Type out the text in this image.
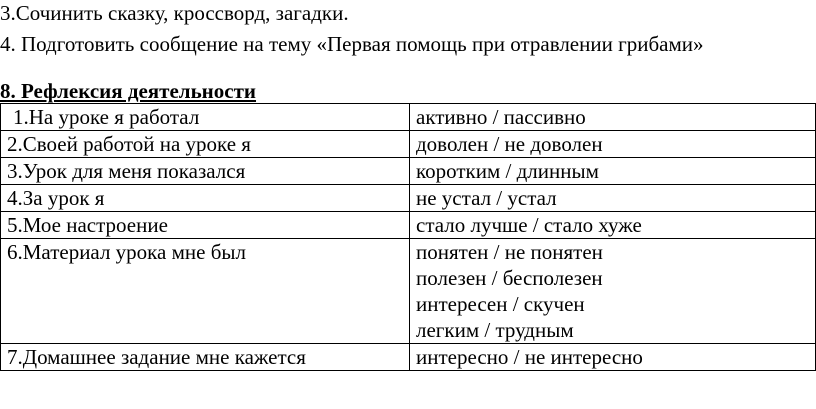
3.Сочинить сказку, кроссворд, загадки.
4. Подготовить сообщение на тему «Первая помощь при отравлении грибами»
8. Рефлексия деятельности
1.На уроке я работал	активно / пассивно
2.Своей работой на уроке я	доволен / не доволен
3.Урок для меня показался	коротким / длинным
4.За урок я	не устал / устал
5.Мое настроение	стало лучше / стало хуже
6.Материал урока мне был	понятен / не понятен
полезен / бесполезен
интересен / скучен
легким / трудным

7.Домашнее задание мне кажется	интересно / не интересно
